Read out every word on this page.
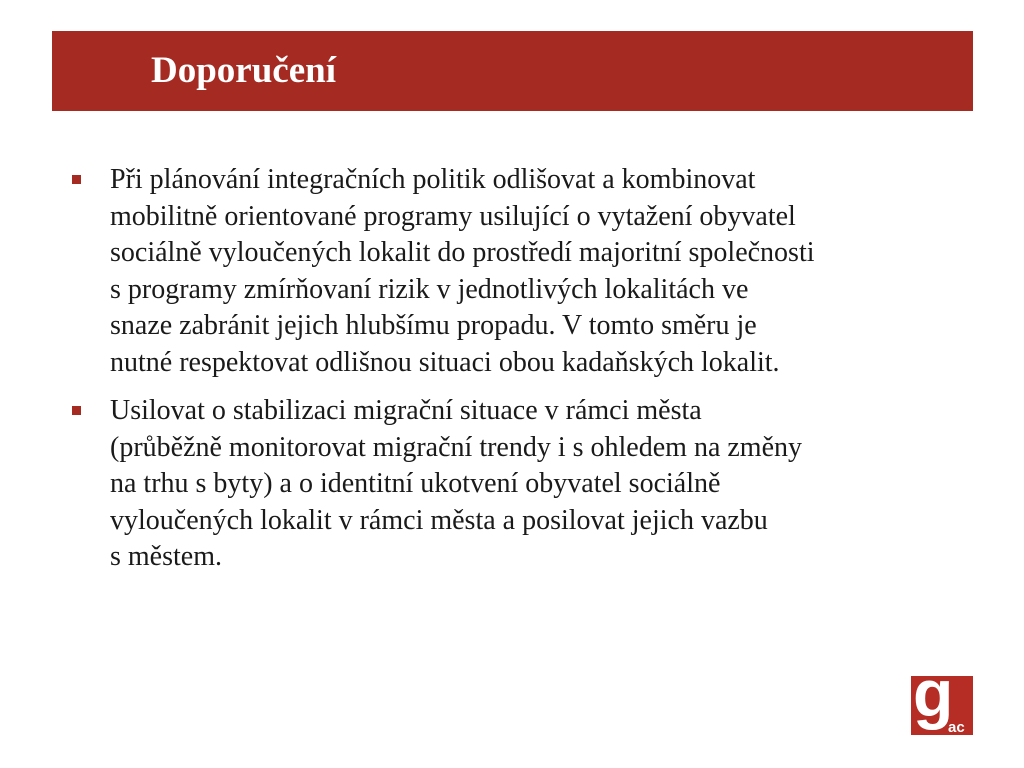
Doporučení
Při plánování integračních politik odlišovat a kombinovat
mobilitně orientované programy usilující o vytažení obyvatel
sociálně vyloučených lokalit do prostředí majoritní společnosti
s programy zmírňovaní rizik v jednotlivých lokalitách ve
snaze zabránit jejich hlubšímu propadu. V tomto směru je
nutné respektovat odlišnou situaci obou kadaňských lokalit.
Usilovat o stabilizaci migrační situace v rámci města
(průběžně monitorovat migrační trendy i s ohledem na změny
na trhu s byty) a o identitní ukotvení obyvatel sociálně
vyloučených lokalit v rámci města a posilovat jejich vazbu
s městem.
g
ac
